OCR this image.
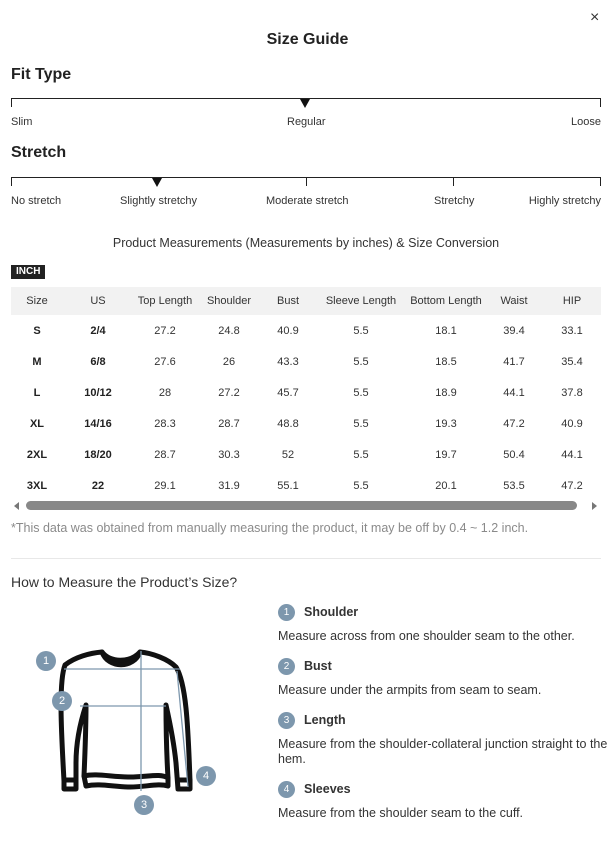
×
Size Guide
Fit Type
Slim	Regular	Loose
Stretch
No stretch	Slightly stretchy	Moderate stretch	Stretchy	Highly stretchy
Product Measurements (Measurements by inches) & Size Conversion
INCH
Size	US	Top Length	Shoulder	Bust	Sleeve Length	Bottom Length	Waist	HIP
S	2/4	27.2	24.8	40.9	5.5	18.1	39.4	33.1
M	6/8	27.6	26	43.3	5.5	18.5	41.7	35.4
L	10/12	28	27.2	45.7	5.5	18.9	44.1	37.8
XL	14/16	28.3	28.7	48.8	5.5	19.3	47.2	40.9
2XL	18/20	28.7	30.3	52	5.5	19.7	50.4	44.1
3XL	22	29.1	31.9	55.1	5.5	20.1	53.5	47.2
*This data was obtained from manually measuring the product, it may be off by 0.4 ~ 1.2 inch.
How to Measure the Product’s Size?
1
2
3
4
1	Shoulder
Measure across from one shoulder seam to the other.
2	Bust
Measure under the armpits from seam to seam.
3	Length
Measure from the shoulder-collateral junction straight to the hem.
4	Sleeves
Measure from the shoulder seam to the cuff.
